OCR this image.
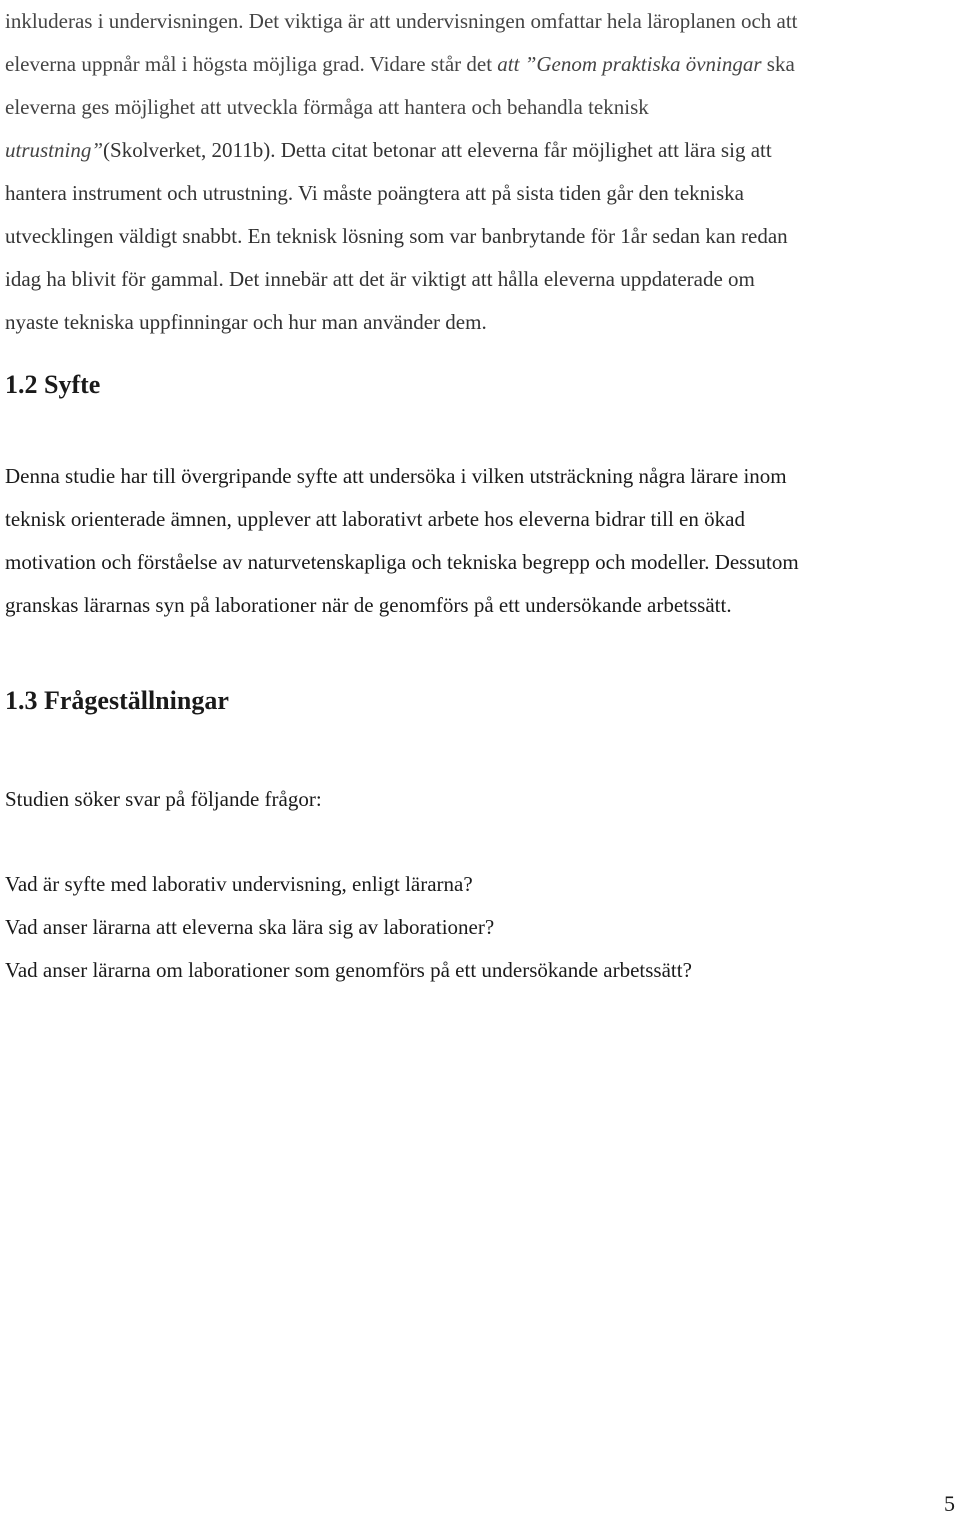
inkluderas i undervisningen. Det viktiga är att undervisningen omfattar hela läroplanen och att
eleverna uppnår mål i högsta möjliga grad. Vidare står det att ”Genom praktiska övningar ska
eleverna ges möjlighet att utveckla förmåga att hantera och behandla teknisk
utrustning”(Skolverket, 2011b). Detta citat betonar att eleverna får möjlighet att lära sig att
hantera instrument och utrustning. Vi måste poängtera att på sista tiden går den tekniska
utvecklingen väldigt snabbt. En teknisk lösning som var banbrytande för 1år sedan kan redan
idag ha blivit för gammal. Det innebär att det är viktigt att hålla eleverna uppdaterade om
nyaste tekniska uppfinningar och hur man använder dem.

1.2 Syfte

Denna studie har till övergripande syfte att undersöka i vilken utsträckning några lärare inom
teknisk orienterade ämnen, upplever att laborativt arbete hos eleverna bidrar till en ökad
motivation och förståelse av naturvetenskapliga och tekniska begrepp och modeller. Dessutom
granskas lärarnas syn på laborationer när de genomförs på ett undersökande arbetssätt.

1.3 Frågeställningar

Studien söker svar på följande frågor:

Vad är syfte med laborativ undervisning, enligt lärarna?
Vad anser lärarna att eleverna ska lära sig av laborationer?
Vad anser lärarna om laborationer som genomförs på ett undersökande arbetssätt?

5
